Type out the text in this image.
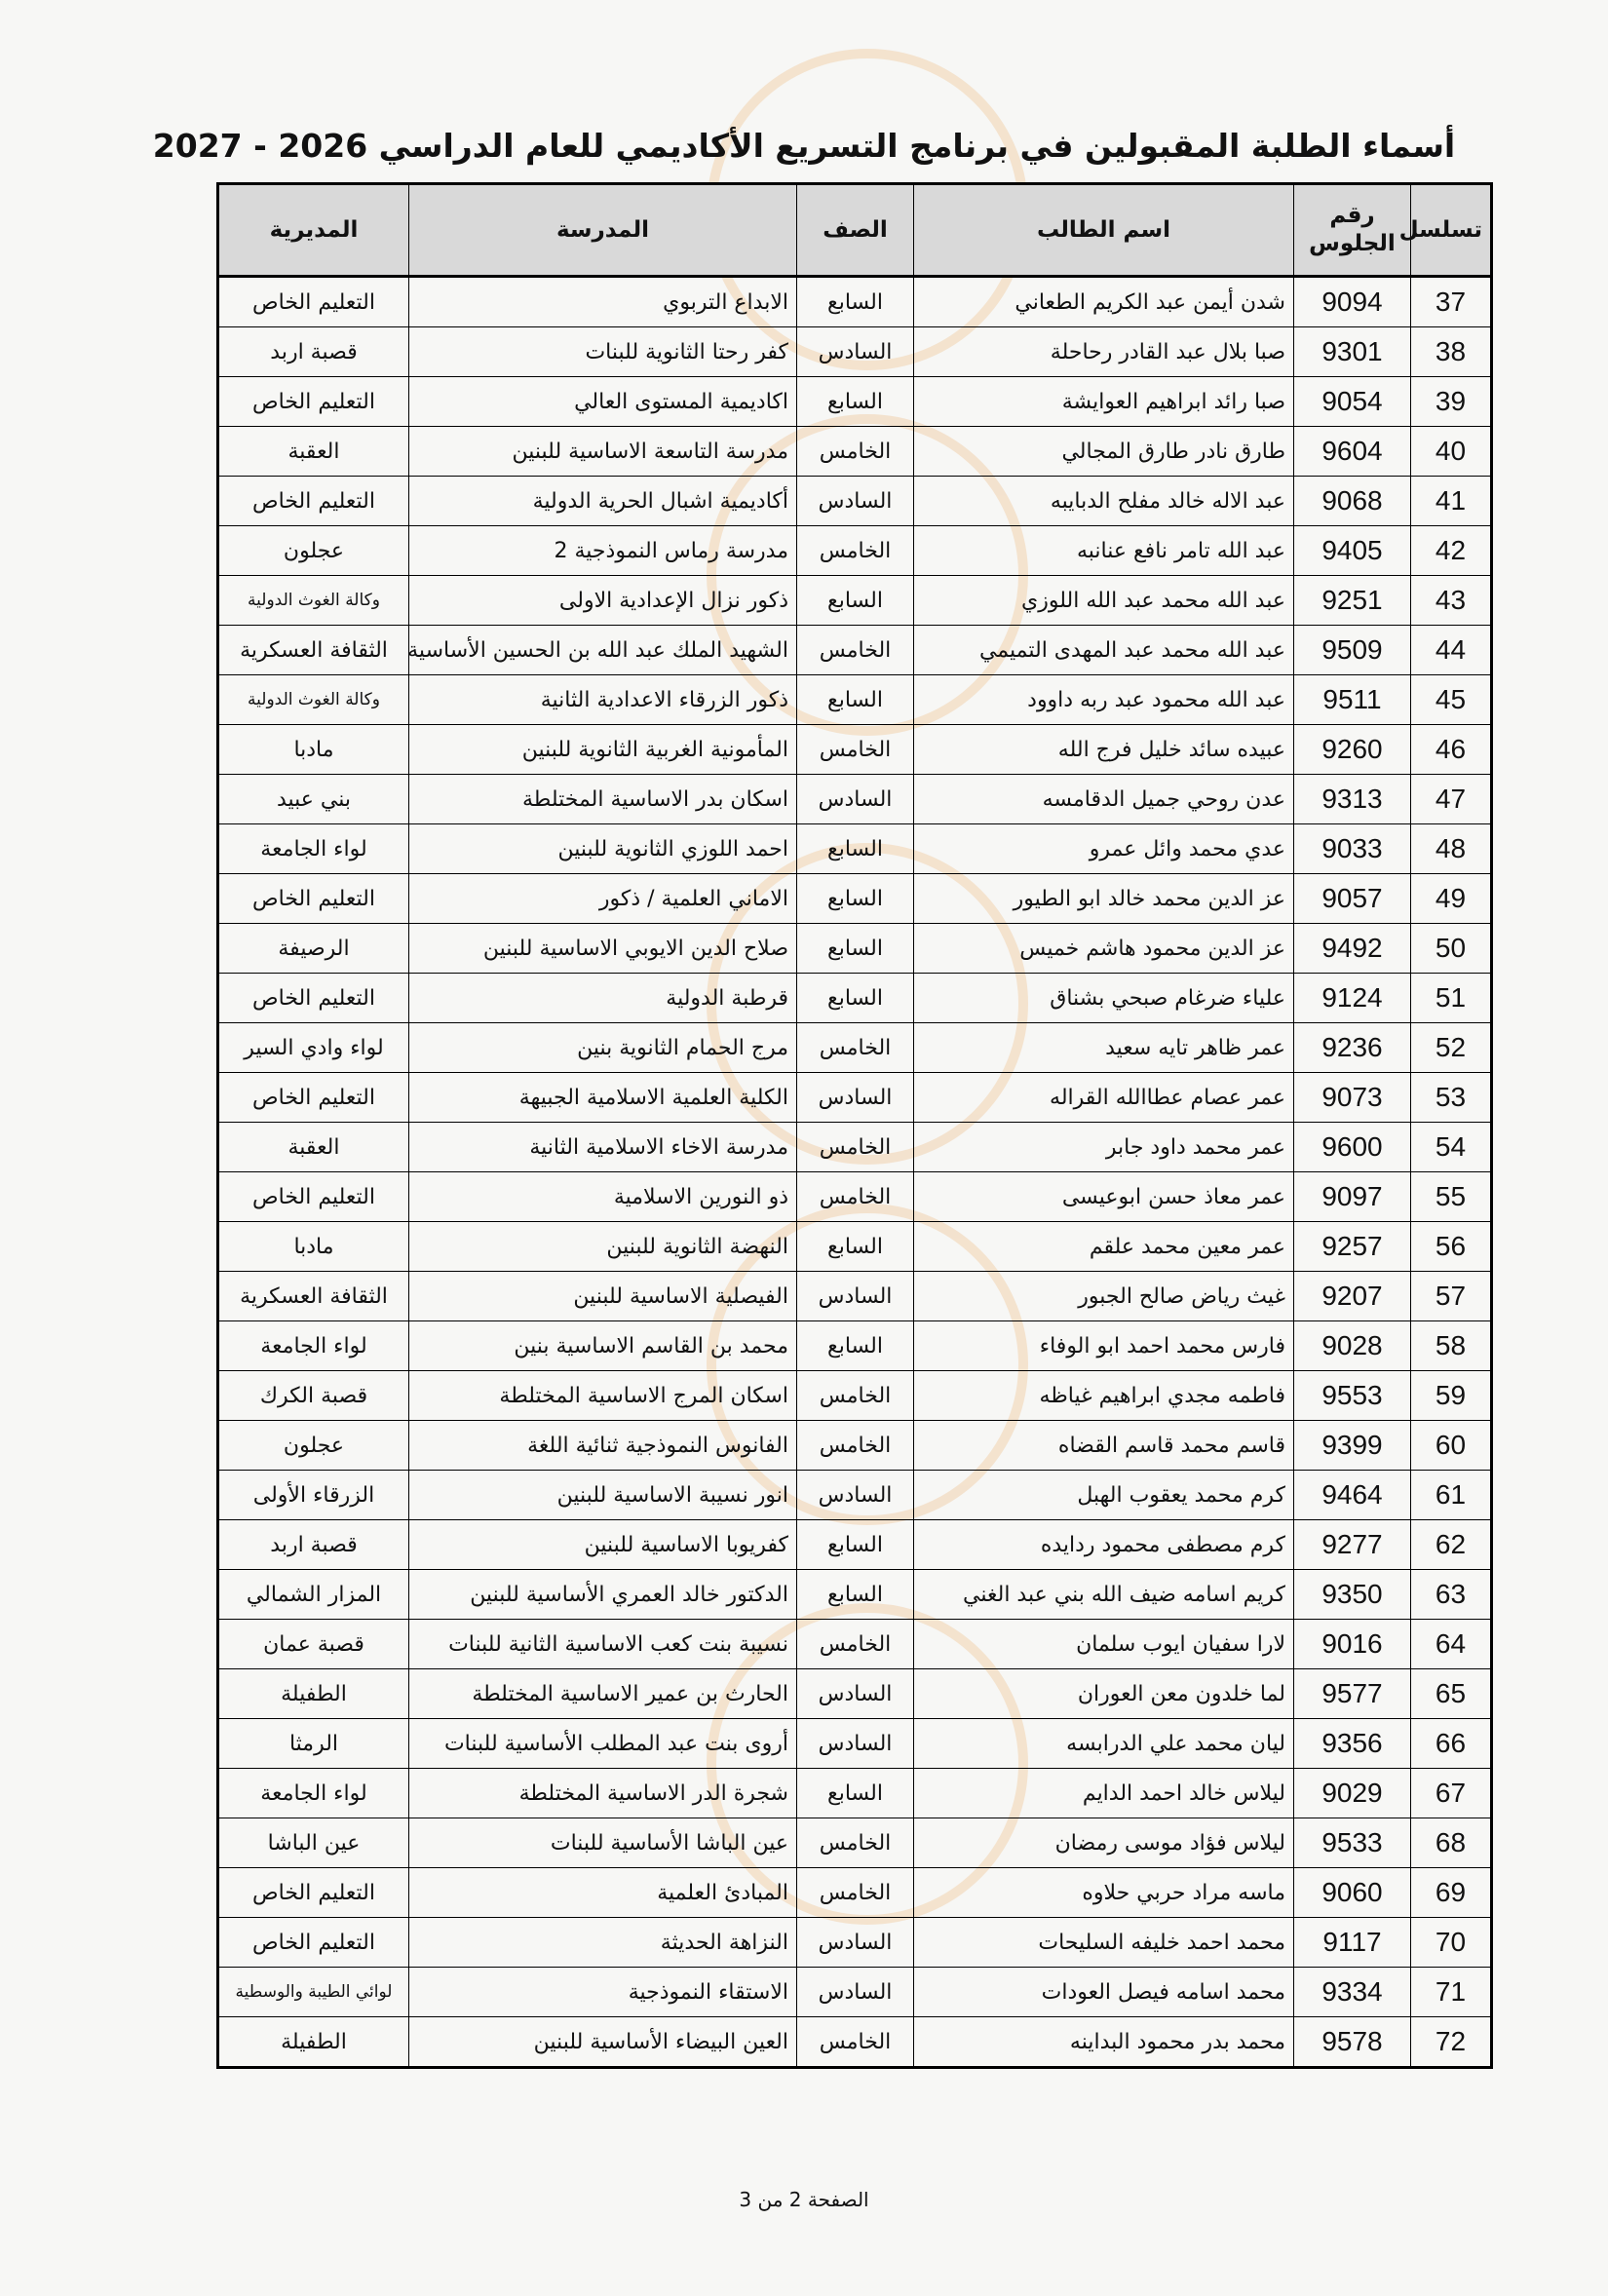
أسماء الطلبة المقبولين في برنامج التسريع الأكاديمي للعام الدراسي 2026 - 2027
تسلسل	رقم الجلوس	اسم الطالب	الصف	المدرسة	المديرية
37	9094	شدن أيمن عبد الكريم الطعاني	السابع	الابداع التربوي	التعليم الخاص
38	9301	صبا بلال عبد القادر رحاحلة	السادس	كفر رحتا الثانوية للبنات	قصبة اربد
39	9054	صبا رائد ابراهيم العوايشة	السابع	اكاديمية المستوى العالي	التعليم الخاص
40	9604	طارق نادر طارق المجالي	الخامس	مدرسة التاسعة الاساسية للبنين	العقبة
41	9068	عبد الاله خالد مفلح الدبايبه	السادس	أكاديمية اشبال الحرية الدولية	التعليم الخاص
42	9405	عبد الله تامر نافع عنانبه	الخامس	مدرسة رماس النموذجية 2	عجلون
43	9251	عبد الله محمد عبد الله اللوزي	السابع	ذكور نزال الإعدادية الاولى	وكالة الغوث الدولية
44	9509	عبد الله محمد عبد المهدى التميمي	الخامس	الشهيد الملك عبد الله بن الحسين الأساسية	الثقافة العسكرية
45	9511	عبد الله محمود عبد ربه داوود	السابع	ذكور الزرقاء الاعدادية الثانية	وكالة الغوث الدولية
46	9260	عبيده سائد خليل فرج الله	الخامس	المأمونية الغربية الثانوية للبنين	مادبا
47	9313	عدن روحي جميل الدقامسه	السادس	اسكان بدر الاساسية المختلطة	بني عبيد
48	9033	عدي محمد وائل عمرو	السابع	احمد اللوزي الثانوية للبنين	لواء الجامعة
49	9057	عز الدين محمد خالد ابو الطيور	السابع	الاماني العلمية / ذكور	التعليم الخاص
50	9492	عز الدين محمود هاشم خميس	السابع	صلاح الدين الايوبي الاساسية للبنين	الرصيفة
51	9124	علياء ضرغام صبحي بشناق	السابع	قرطبة الدولية	التعليم الخاص
52	9236	عمر ظاهر تايه سعيد	الخامس	مرج الحمام الثانوية بنين	لواء وادي السير
53	9073	عمر عصام عطاالله القراله	السادس	الكلية العلمية الاسلامية الجبيهة	التعليم الخاص
54	9600	عمر محمد داود جابر	الخامس	مدرسة الاخاء الاسلامية الثانية	العقبة
55	9097	عمر معاذ حسن ابوعيسى	الخامس	ذو النورين الاسلامية	التعليم الخاص
56	9257	عمر معين محمد علقم	السابع	النهضة الثانوية للبنين	مادبا
57	9207	غيث رياض صالح الجبور	السادس	الفيصلية الاساسية للبنين	الثقافة العسكرية
58	9028	فارس محمد احمد ابو الوفاء	السابع	محمد بن القاسم الاساسية بنين	لواء الجامعة
59	9553	فاطمه مجدي ابراهيم غياظه	الخامس	اسكان المرج الاساسية المختلطة	قصبة الكرك
60	9399	قاسم محمد قاسم القضاه	الخامس	الفانوس النموذجية ثنائية اللغة	عجلون
61	9464	كرم محمد يعقوب الهبل	السادس	انور نسيبة الاساسية للبنين	الزرقاء الأولى
62	9277	كرم مصطفى محمود ردايده	السابع	كفريوبا الاساسية للبنين	قصبة اربد
63	9350	كريم اسامه ضيف الله بني عبد الغني	السابع	الدكتور خالد العمري الأساسية للبنين	المزار الشمالي
64	9016	لارا سفيان ايوب سلمان	الخامس	نسيبة بنت كعب الاساسية الثانية للبنات	قصبة عمان
65	9577	لما خلدون معن العوران	السادس	الحارث بن عمير الاساسية المختلطة	الطفيلة
66	9356	ليان محمد علي الدرابسه	السادس	أروى بنت عبد المطلب الأساسية للبنات	الرمثا
67	9029	ليلاس خالد احمد الدايم	السابع	شجرة الدر الاساسية المختلطة	لواء الجامعة
68	9533	ليلاس فؤاد موسى رمضان	الخامس	عين الباشا الأساسية للبنات	عين الباشا
69	9060	ماسه مراد حربي حلاوه	الخامس	المبادئ العلمية	التعليم الخاص
70	9117	محمد احمد خليفه السليحات	السادس	النزاهة الحديثة	التعليم الخاص
71	9334	محمد اسامه فيصل العودات	السادس	الاستقاء النموذجية	لوائي الطيبة والوسطية
72	9578	محمد بدر محمود البداينه	الخامس	العين البيضاء الأساسية للبنين	الطفيلة
الصفحة 2 من 3
